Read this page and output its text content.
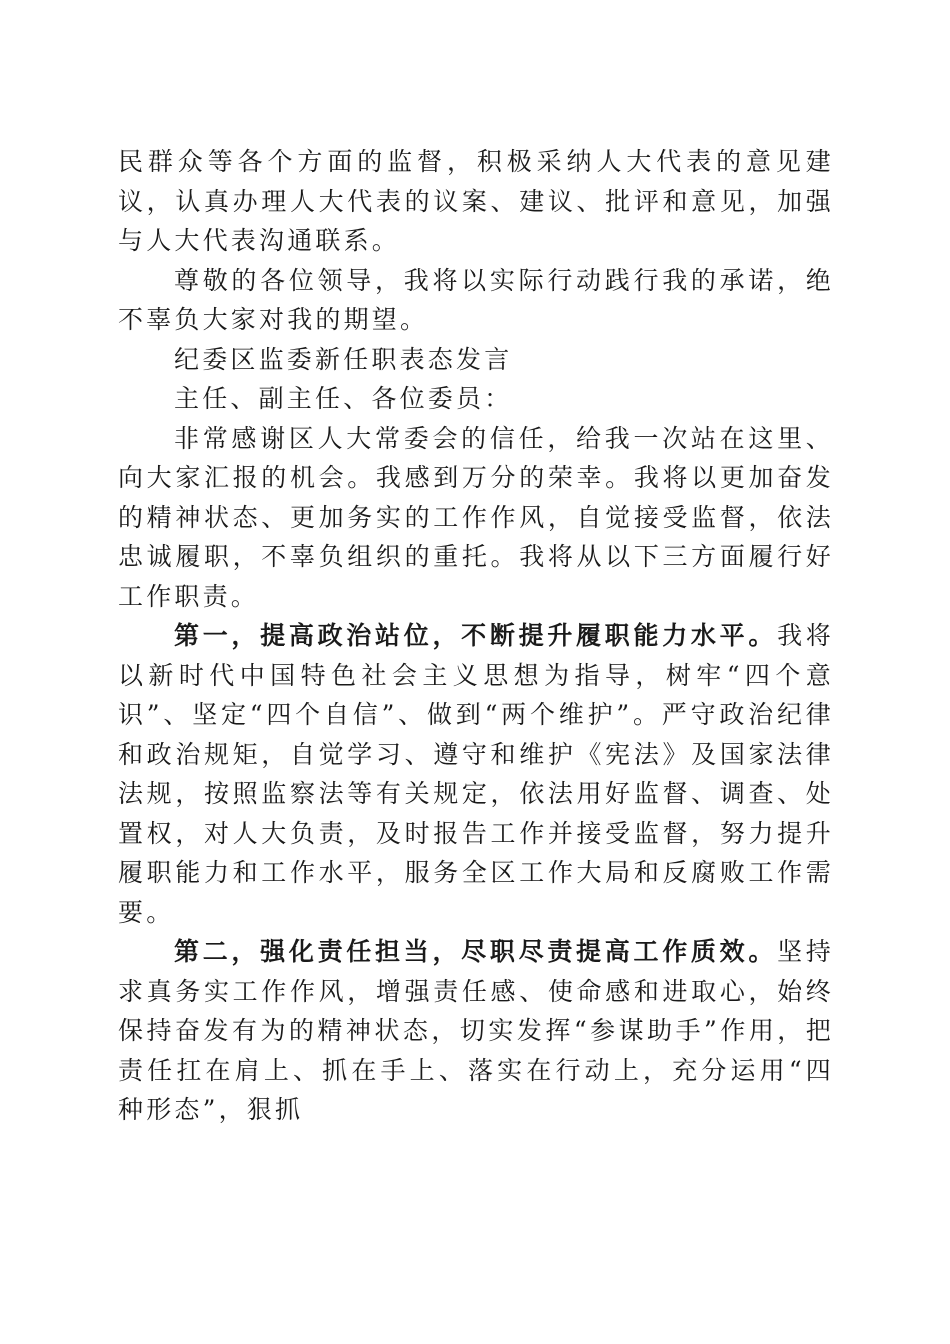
民群众等各个方面的监督，积极采纳人大代表的意见建议，认真办理人大代表的议案、建议、批评和意见，加强与人大代表沟通联系。

尊敬的各位领导，我将以实际行动践行我的承诺，绝不辜负大家对我的期望。

纪委区监委新任职表态发言

主任、副主任、各位委员：

非常感谢区人大常委会的信任，给我一次站在这里、向大家汇报的机会。我感到万分的荣幸。我将以更加奋发的精神状态、更加务实的工作作风，自觉接受监督，依法忠诚履职，不辜负组织的重托。我将从以下三方面履行好工作职责。

第一，提高政治站位，不断提升履职能力水平。我将以新时代中国特色社会主义思想为指导，树牢“四个意识”、坚定“四个自信”、做到“两个维护”。严守政治纪律和政治规矩，自觉学习、遵守和维护《宪法》及国家法律法规，按照监察法等有关规定，依法用好监督、调查、处置权，对人大负责，及时报告工作并接受监督，努力提升履职能力和工作水平，服务全区工作大局和反腐败工作需要。

第二，强化责任担当，尽职尽责提高工作质效。坚持求真务实工作作风，增强责任感、使命感和进取心，始终保持奋发有为的精神状态，切实发挥“参谋助手”作用，把责任扛在肩上、抓在手上、落实在行动上，充分运用“四种形态”，狠抓
